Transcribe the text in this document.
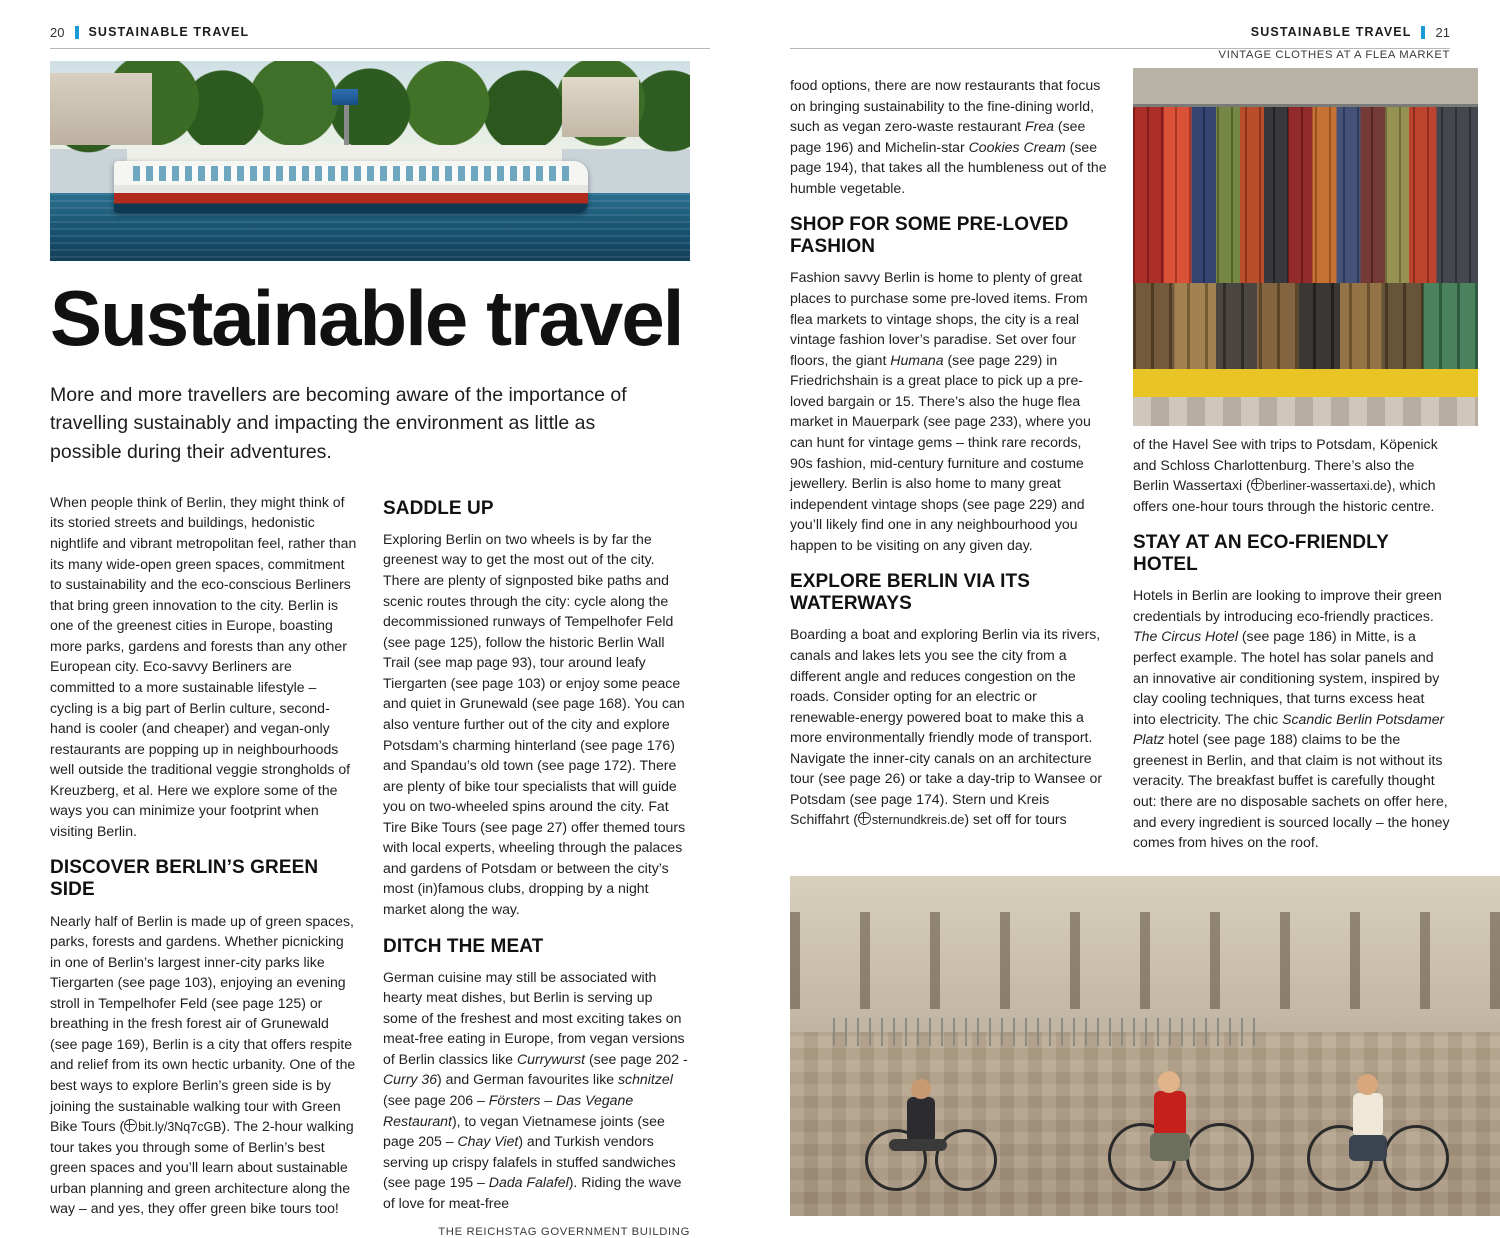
20 SUSTAINABLE TRAVEL
Sustainable travel

More and more travellers are becoming aware of the importance of travelling sustainably and impacting the environment as little as possible during their adventures.

When people think of Berlin, they might think of its storied streets and buildings, hedonistic nightlife and vibrant metropolitan feel, rather than its many wide-open green spaces, commitment to sustainability and the eco-conscious Berliners that bring green innovation to the city. Berlin is one of the greenest cities in Europe, boasting more parks, gardens and forests than any other European city. Eco-savvy Berliners are committed to a more sustainable lifestyle – cycling is a big part of Berlin culture, second-hand is cooler (and cheaper) and vegan-only restaurants are popping up in neighbourhoods well outside the traditional veggie strongholds of Kreuzberg, et al. Here we explore some of the ways you can minimize your footprint when visiting Berlin.

DISCOVER BERLIN’S GREEN SIDE

Nearly half of Berlin is made up of green spaces, parks, forests and gardens. Whether picnicking in one of Berlin’s largest inner-city parks like Tiergarten (see page 103), enjoying an evening stroll in Tempelhofer Feld (see page 125) or breathing in the fresh forest air of Grunewald (see page 169), Berlin is a city that offers respite and relief from its own hectic urbanity. One of the best ways to explore Berlin’s green side is by joining the sustainable walking tour with Green Bike Tours ( bit.ly/3Nq7cGB). The 2-hour walking tour takes you through some of Berlin’s best green spaces and you’ll learn about sustainable urban planning and green architecture along the way – and yes, they offer green bike tours too!

SADDLE UP

Exploring Berlin on two wheels is by far the greenest way to get the most out of the city. There are plenty of signposted bike paths and scenic routes through the city: cycle along the decommissioned runways of Tempelhofer Feld (see page 125), follow the historic Berlin Wall Trail (see map page 93), tour around leafy Tiergarten (see page 103) or enjoy some peace and quiet in Grunewald (see page 168). You can also venture further out of the city and explore Potsdam’s charming hinterland (see page 176) and Spandau’s old town (see page 172). There are plenty of bike tour specialists that will guide you on two-wheeled spins around the city. Fat Tire Bike Tours (see page 27) offer themed tours with local experts, wheeling through the palaces and gardens of Potsdam or between the city’s most (in)famous clubs, dropping by a night market along the way.

DITCH THE MEAT

German cuisine may still be associated with hearty meat dishes, but Berlin is serving up some of the freshest and most exciting takes on meat-free eating in Europe, from vegan versions of Berlin classics like Currywurst (see page 202 - Curry 36) and German favourites like schnitzel (see page 206 – Försters – Das Vegane Restaurant), to vegan Vietnamese joints (see page 205 – Chay Viet) and Turkish vendors serving up crispy falafels in stuffed sandwiches (see page 195 – Dada Falafel). Riding the wave of love for meat-free

THE REICHSTAG GOVERNMENT BUILDING

SUSTAINABLE TRAVEL 21

food options, there are now restaurants that focus on bringing sustainability to the fine-dining world, such as vegan zero-waste restaurant Frea (see page 196) and Michelin-star Cookies Cream (see page 194), that takes all the humbleness out of the humble vegetable.

SHOP FOR SOME PRE-LOVED FASHION

Fashion savvy Berlin is home to plenty of great places to purchase some pre-loved items. From flea markets to vintage shops, the city is a real vintage fashion lover’s paradise. Set over four floors, the giant Humana (see page 229) in Friedrichshain is a great place to pick up a pre-loved bargain or 15. There’s also the huge flea market in Mauerpark (see page 233), where you can hunt for vintage gems – think rare records, 90s fashion, mid-century furniture and costume jewellery. Berlin is also home to many great independent vintage shops (see page 229) and you’ll likely find one in any neighbourhood you happen to be visiting on any given day.

EXPLORE BERLIN VIA ITS WATERWAYS

Boarding a boat and exploring Berlin via its rivers, canals and lakes lets you see the city from a different angle and reduces congestion on the roads. Consider opting for an electric or renewable-energy powered boat to make this a more environmentally friendly mode of transport. Navigate the inner-city canals on an architecture tour (see page 26) or take a day-trip to Wansee or Potsdam (see page 174). Stern und Kreis Schiffahrt ( sternundkreis.de) set off for tours

VINTAGE CLOTHES AT A FLEA MARKET

of the Havel See with trips to Potsdam, Köpenick and Schloss Charlottenburg. There’s also the Berlin Wassertaxi ( berliner-wassertaxi.de), which offers one-hour tours through the historic centre.

STAY AT AN ECO-FRIENDLY HOTEL

Hotels in Berlin are looking to improve their green credentials by introducing eco-friendly practices. The Circus Hotel (see page 186) in Mitte, is a perfect example. The hotel has solar panels and an innovative air conditioning system, inspired by clay cooling techniques, that turns excess heat into electricity. The chic Scandic Berlin Potsdamer Platz hotel (see page 188) claims to be the greenest in Berlin, and that claim is not without its veracity. The breakfast buffet is carefully thought out: there are no disposable sachets on offer here, and every ingredient is sourced locally – the honey comes from hives on the roof.
